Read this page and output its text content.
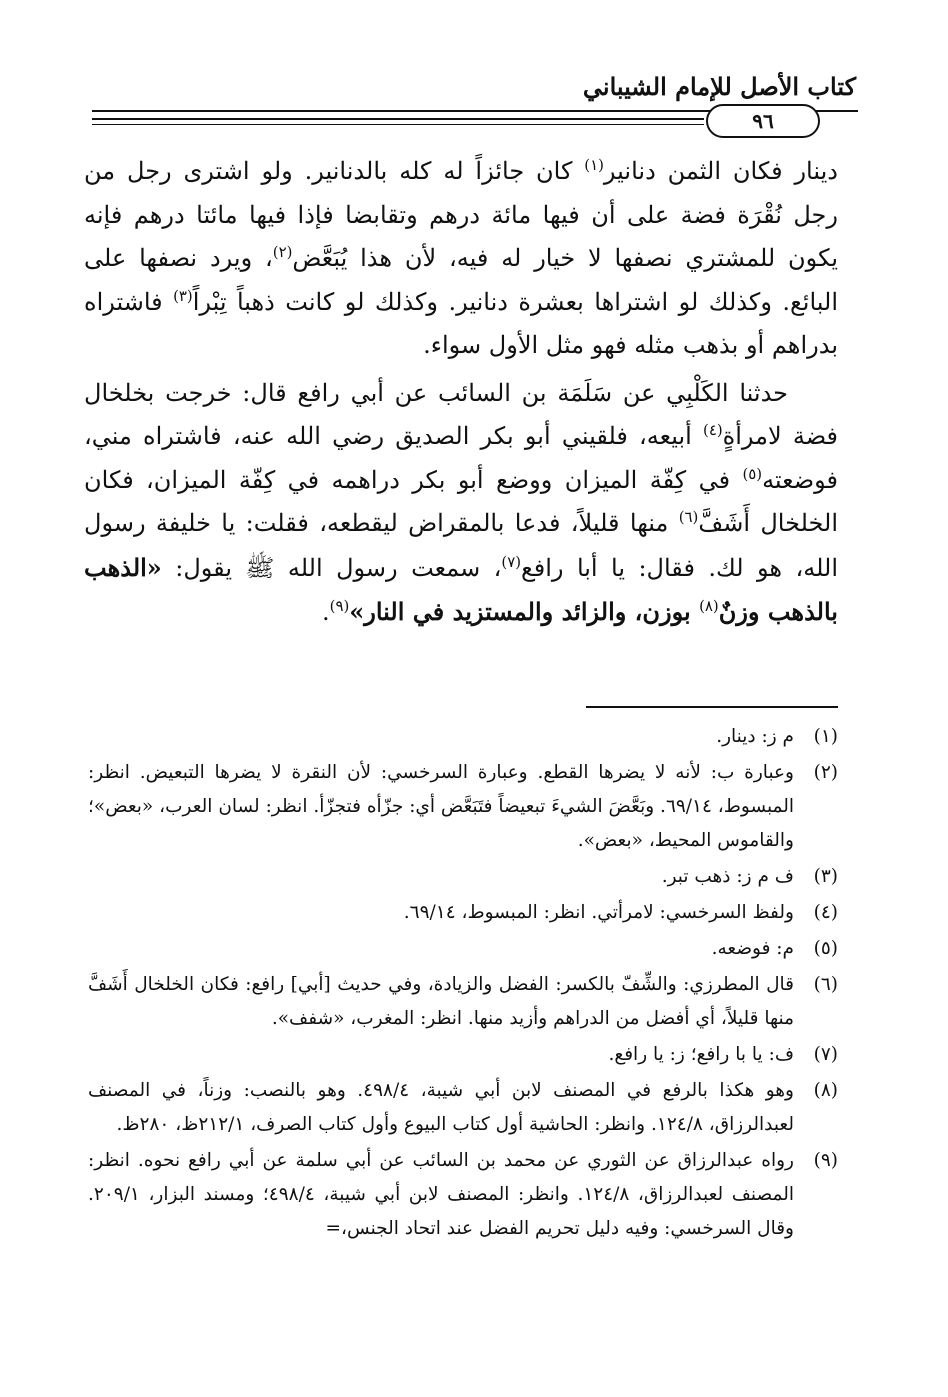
كتاب الأصل للإمام الشيباني
٩٦

دينار فكان الثمن دنانير$^{(١)}$ كان جائزاً له كله بالدنانير. ولو اشترى رجل من رجل نُقْرَة فضة على أن فيها مائة درهم وتقابضا فإذا فيها مائتا درهم فإنه يكون للمشتري نصفها لا خيار له فيه، لأن هذا يُبَعَّض$^{(٢)}$، ويرد نصفها على البائع. وكذلك لو اشتراها بعشرة دنانير. وكذلك لو كانت ذهباً تِبْراً$^{(٣)}$ فاشتراه بدراهم أو بذهب مثله فهو مثل الأول سواء.

حدثنا الكَلْبِي عن سَلَمَة بن السائب عن أبي رافع قال: خرجت بخلخال فضة لامرأةٍ$^{(٤)}$ أبيعه، فلقيني أبو بكر الصديق رضي الله عنه، فاشتراه مني، فوضعته$^{(٥)}$ في كِفّة الميزان ووضع أبو بكر دراهمه في كِفّة الميزان، فكان الخلخال أَشَفَّ$^{(٦)}$ منها قليلاً، فدعا بالمقراض ليقطعه، فقلت: يا خليفة رسول الله، هو لك. فقال: يا أبا رافع$^{(٧)}$، سمعت رسول الله ﷺ يقول: «الذهب بالذهب وزنٌ$^{(٨)}$ بوزن، والزائد والمستزيد في النار»$^{(٩)}$.

(١)
م ز: دينار.
(٢)
وعبارة ب: لأنه لا يضرها القطع. وعبارة السرخسي: لأن النقرة لا يضرها التبعيض. انظر: المبسوط، ٦٩/١٤. وبَعَّضَ الشيءَ تبعيضاً فتَبَعَّض أي: جزّأه فتجزّأ. انظر: لسان العرب، «بعض»؛ والقاموس المحيط، «بعض».
(٣)
ف م ز: ذهب تبر.
(٤)
ولفظ السرخسي: لامرأتي. انظر: المبسوط، ٦٩/١٤.
(٥)
م: فوضعه.
(٦)
قال المطرزي: والشِّفّ بالكسر: الفضل والزيادة، وفي حديث [أبي] رافع: فكان الخلخال أَشَفَّ منها قليلاً، أي أفضل من الدراهم وأزيد منها. انظر: المغرب، «شفف».
(٧)
ف: يا با رافع؛ ز: يا رافع.
(٨)
وهو هكذا بالرفع في المصنف لابن أبي شيبة، ٤٩٨/٤. وهو بالنصب: وزناً، في المصنف لعبدالرزاق، ١٢٤/٨. وانظر: الحاشية أول كتاب البيوع وأول كتاب الصرف، ٢١٢/١ظ، ٢٨٠ظ.
(٩)
رواه عبدالرزاق عن الثوري عن محمد بن السائب عن أبي سلمة عن أبي رافع نحوه. انظر: المصنف لعبدالرزاق، ١٢٤/٨. وانظر: المصنف لابن أبي شيبة، ٤٩٨/٤؛ ومسند البزار، ٢٠٩/١. وقال السرخسي: وفيه دليل تحريم الفضل عند اتحاد الجنس،=
